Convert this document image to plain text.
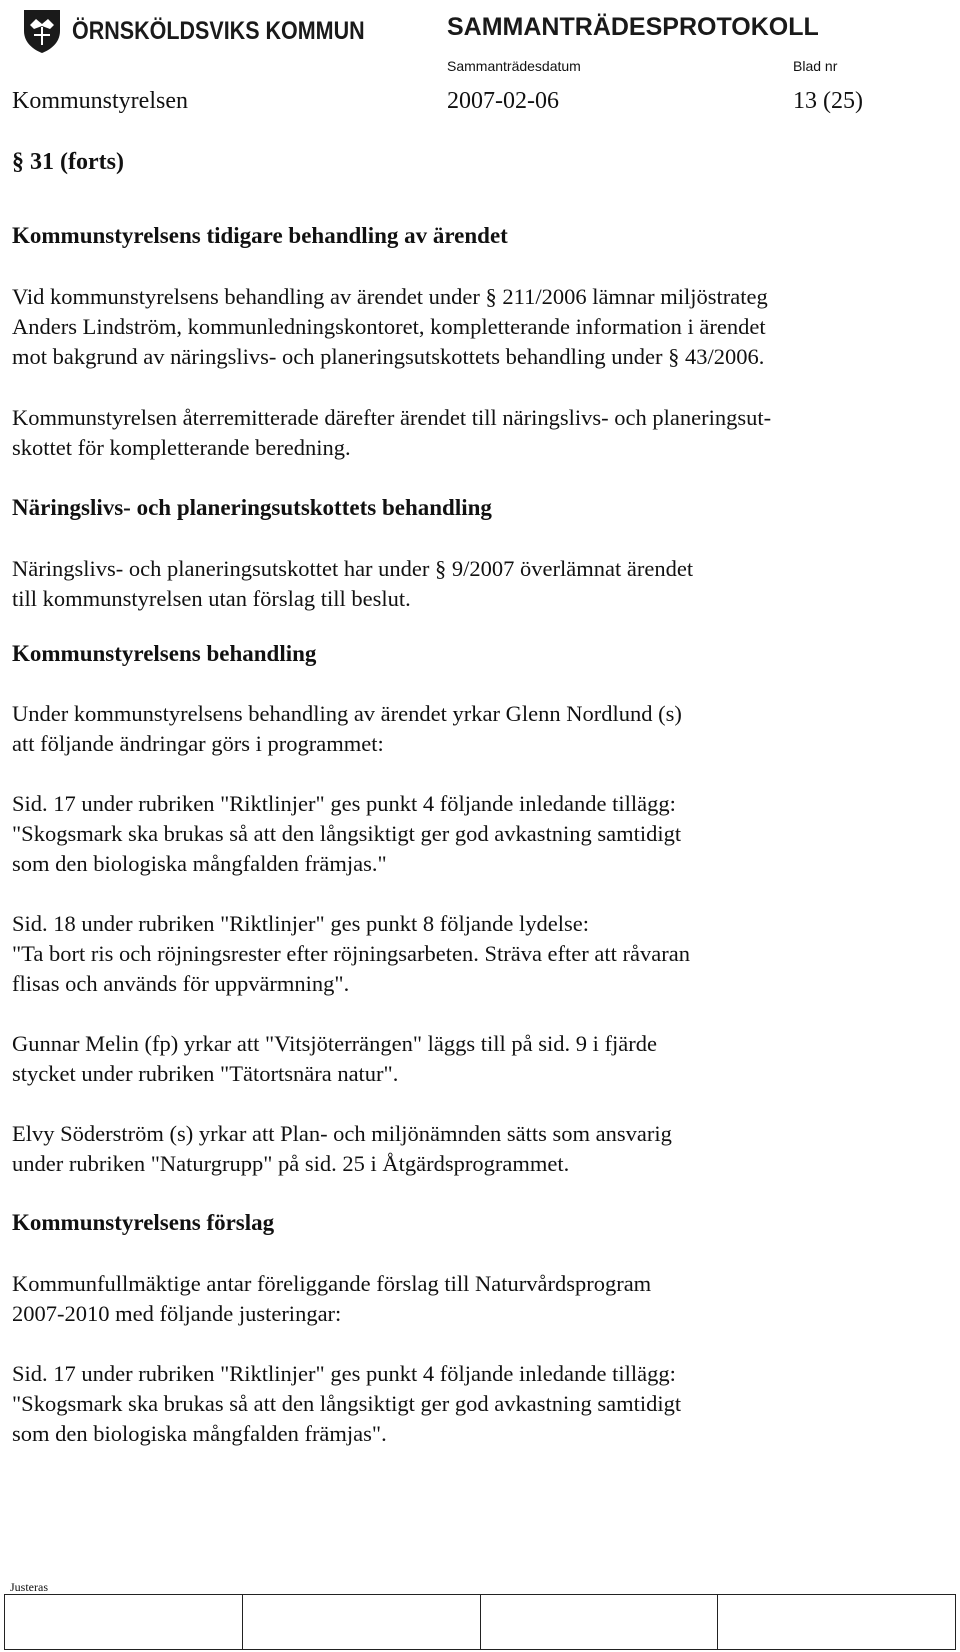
ÖRNSKÖLDSVIKS KOMMUN	SAMMANTRÄDESPROTOKOLL
Sammanträdesdatum	Blad nr
Kommunstyrelsen	2007-02-06	13 (25)

§ 31 (forts)

Kommunstyrelsens tidigare behandling av ärendet

Vid kommunstyrelsens behandling av ärendet under § 211/2006 lämnar miljöstrateg

Anders Lindström, kommunledningskontoret, kompletterande information i ärendet

mot bakgrund av näringslivs- och planeringsutskottets behandling under § 43/2006.

Kommunstyrelsen återremitterade därefter ärendet till näringslivs- och planeringsut-

skottet för kompletterande beredning.

Näringslivs- och planeringsutskottets behandling

Näringslivs- och planeringsutskottet har under § 9/2007 överlämnat ärendet

till kommunstyrelsen utan förslag till beslut.

Kommunstyrelsens behandling

Under kommunstyrelsens behandling av ärendet yrkar Glenn Nordlund (s)

att följande ändringar görs i programmet:

Sid. 17 under rubriken "Riktlinjer" ges punkt 4 följande inledande tillägg:

"Skogsmark ska brukas så att den långsiktigt ger god avkastning samtidigt

som den biologiska mångfalden främjas."

Sid. 18 under rubriken "Riktlinjer" ges punkt 8 följande lydelse:

"Ta bort ris och röjningsrester efter röjningsarbeten. Sträva efter att råvaran

flisas och används för uppvärmning".

Gunnar Melin (fp) yrkar att "Vitsjöterrängen" läggs till på sid. 9 i fjärde

stycket under rubriken "Tätortsnära natur".

Elvy Söderström (s) yrkar att Plan- och miljönämnden sätts som ansvarig

under rubriken "Naturgrupp" på sid. 25 i Åtgärdsprogrammet.

Kommunstyrelsens förslag

Kommunfullmäktige antar föreliggande förslag till Naturvårdsprogram

2007-2010 med följande justeringar:

Sid. 17 under rubriken "Riktlinjer" ges punkt 4 följande inledande tillägg:

"Skogsmark ska brukas så att den långsiktigt ger god avkastning samtidigt

som den biologiska mångfalden främjas".

Justeras
